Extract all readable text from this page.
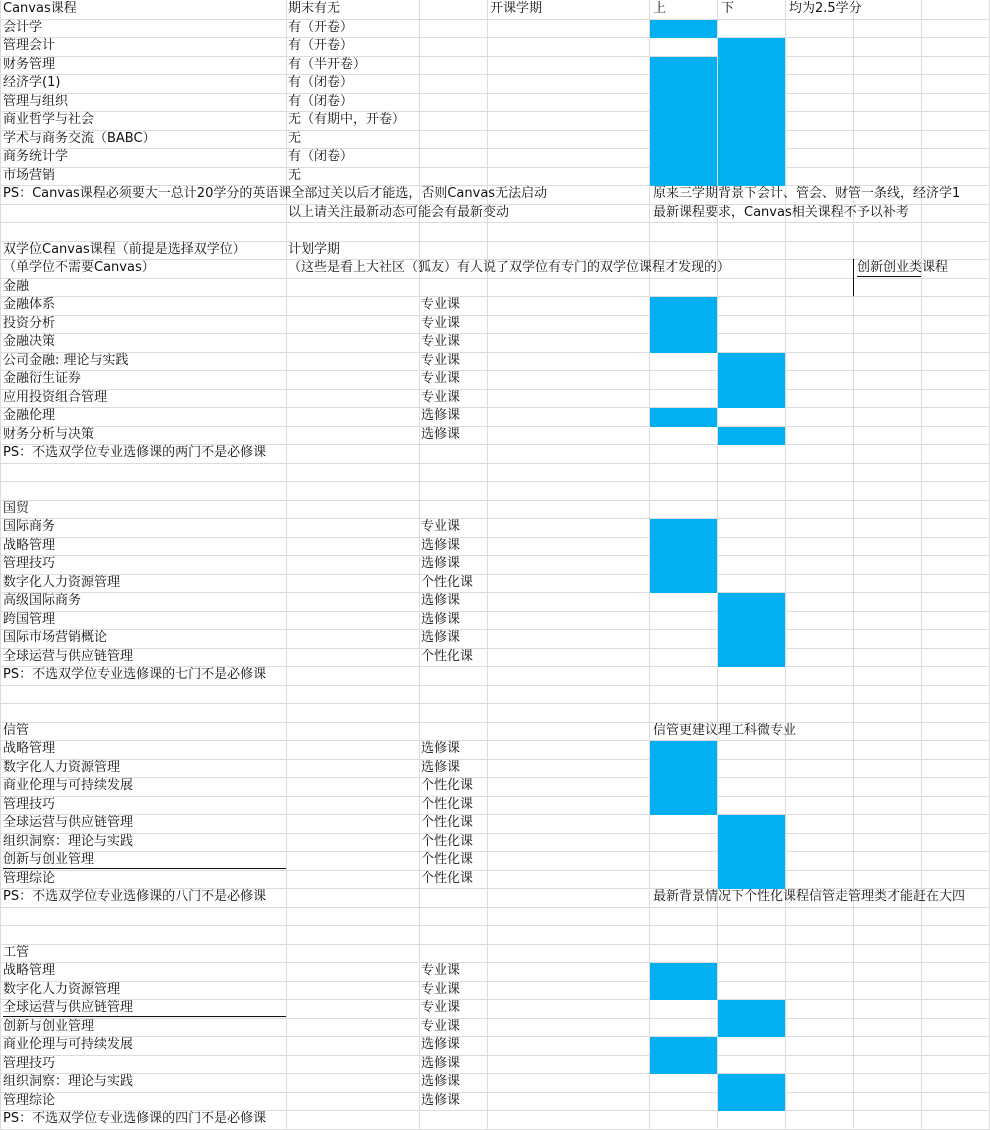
Canvas课程	期末有无	开课学期	上	下	均为2.5学分
会计学	有（开卷）
管理会计	有（开卷）
财务管理	有（半开卷）
经济学(1)	有（闭卷）
管理与组织	有（闭卷）
商业哲学与社会	无（有期中，开卷）
学术与商务交流（BABC）	无
商务统计学	有（闭卷）
市场营销	无
PS：Canvas课程必须要大一总计20学分的英语课全部过关以后才能选，否则Canvas无法启动	原来三学期背景下会计、管会、财管一条线，经济学1
以上请关注最新动态可能会有最新变动	最新课程要求，Canvas相关课程不予以补考
双学位Canvas课程（前提是选择双学位）	计划学期
（单学位不需要Canvas）	（这些是看上大社区（狐友）有人说了双学位有专门的双学位课程才发现的）	创新创业类课程
金融
金融体系	专业课
投资分析	专业课
金融决策	专业课
公司金融: 理论与实践	专业课
金融衍生证券	专业课
应用投资组合管理	专业课
金融伦理	选修课
财务分析与决策	选修课
PS：不选双学位专业选修课的两门不是必修课
国贸
国际商务	专业课
战略管理	选修课
管理技巧	选修课
数字化人力资源管理	个性化课
高级国际商务	选修课
跨国管理	选修课
国际市场营销概论	选修课
全球运营与供应链管理	个性化课
PS：不选双学位专业选修课的七门不是必修课
信管	信管更建议理工科微专业
战略管理	选修课
数字化人力资源管理	选修课
商业伦理与可持续发展	个性化课
管理技巧	个性化课
全球运营与供应链管理	个性化课
组织洞察：理论与实践	个性化课
创新与创业管理	个性化课
管理综论	个性化课
PS：不选双学位专业选修课的八门不是必修课	最新背景情况下个性化课程信管走管理类才能赶在大四
工管
战略管理	专业课
数字化人力资源管理	专业课
全球运营与供应链管理	专业课
创新与创业管理	专业课
商业伦理与可持续发展	选修课
管理技巧	选修课
组织洞察：理论与实践	选修课
管理综论	选修课
PS：不选双学位专业选修课的四门不是必修课
